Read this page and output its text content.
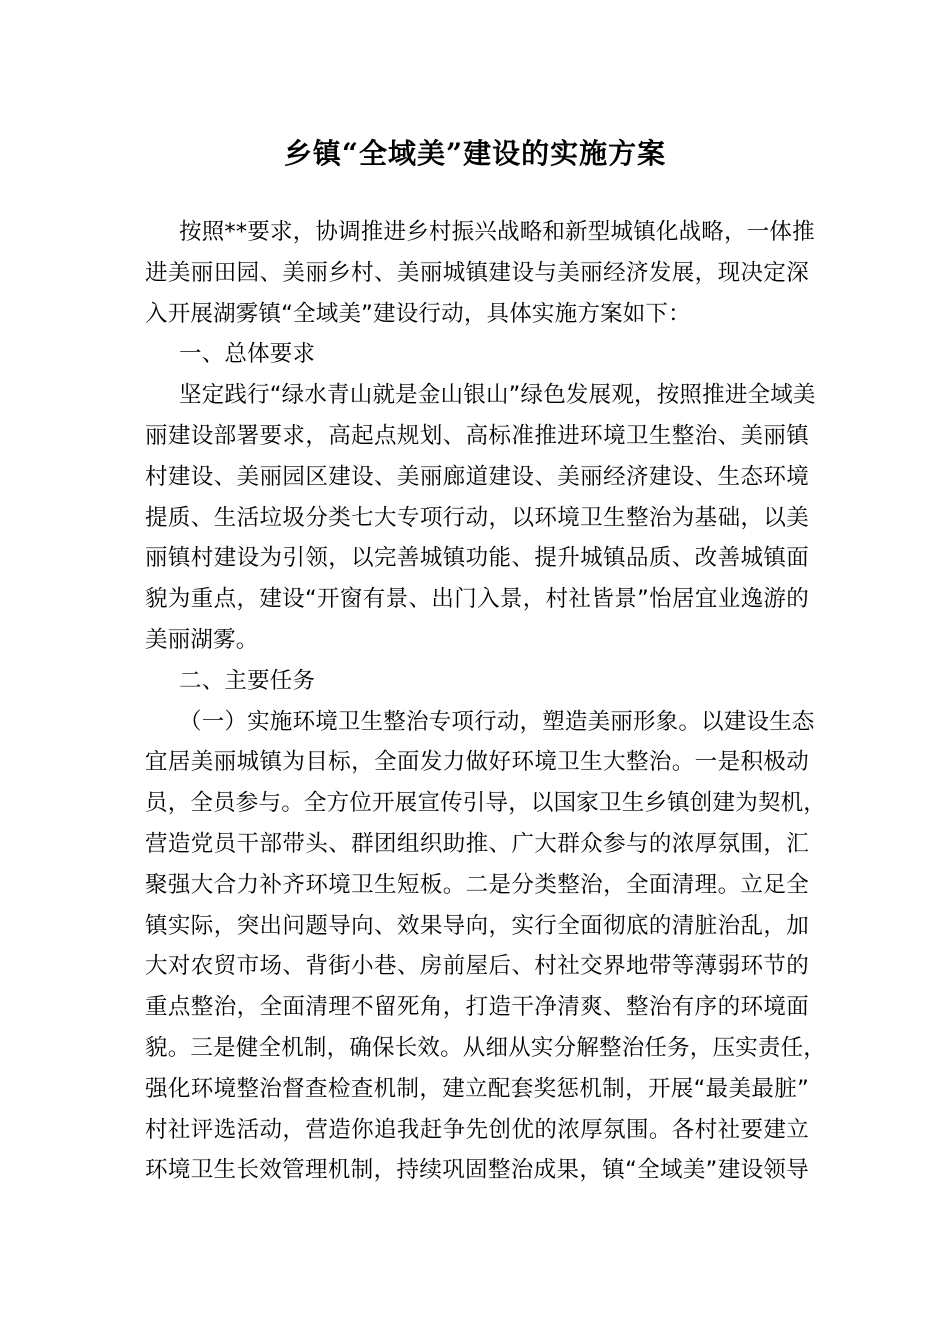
乡镇“全域美”建设的实施方案
按照**要求，协调推进乡村振兴战略和新型城镇化战略，一体推
进美丽田园、美丽乡村、美丽城镇建设与美丽经济发展，现决定深
入开展湖雾镇“全域美”建设行动，具体实施方案如下：
一、总体要求
坚定践行“绿水青山就是金山银山”绿色发展观，按照推进全域美
丽建设部署要求，高起点规划、高标准推进环境卫生整治、美丽镇
村建设、美丽园区建设、美丽廊道建设、美丽经济建设、生态环境
提质、生活垃圾分类七大专项行动，以环境卫生整治为基础，以美
丽镇村建设为引领，以完善城镇功能、提升城镇品质、改善城镇面
貌为重点，建设“开窗有景、出门入景，村社皆景”怡居宜业逸游的
美丽湖雾。
二、主要任务
（一）实施环境卫生整治专项行动，塑造美丽形象。以建设生态
宜居美丽城镇为目标，全面发力做好环境卫生大整治。一是积极动
员，全员参与。全方位开展宣传引导，以国家卫生乡镇创建为契机，
营造党员干部带头、群团组织助推、广大群众参与的浓厚氛围，汇
聚强大合力补齐环境卫生短板。二是分类整治，全面清理。立足全
镇实际，突出问题导向、效果导向，实行全面彻底的清脏治乱，加
大对农贸市场、背街小巷、房前屋后、村社交界地带等薄弱环节的
重点整治，全面清理不留死角，打造干净清爽、整治有序的环境面
貌。三是健全机制，确保长效。从细从实分解整治任务，压实责任，
强化环境整治督查检查机制，建立配套奖惩机制，开展“最美最脏”
村社评选活动，营造你追我赶争先创优的浓厚氛围。各村社要建立
环境卫生长效管理机制，持续巩固整治成果，镇“全域美”建设领导
